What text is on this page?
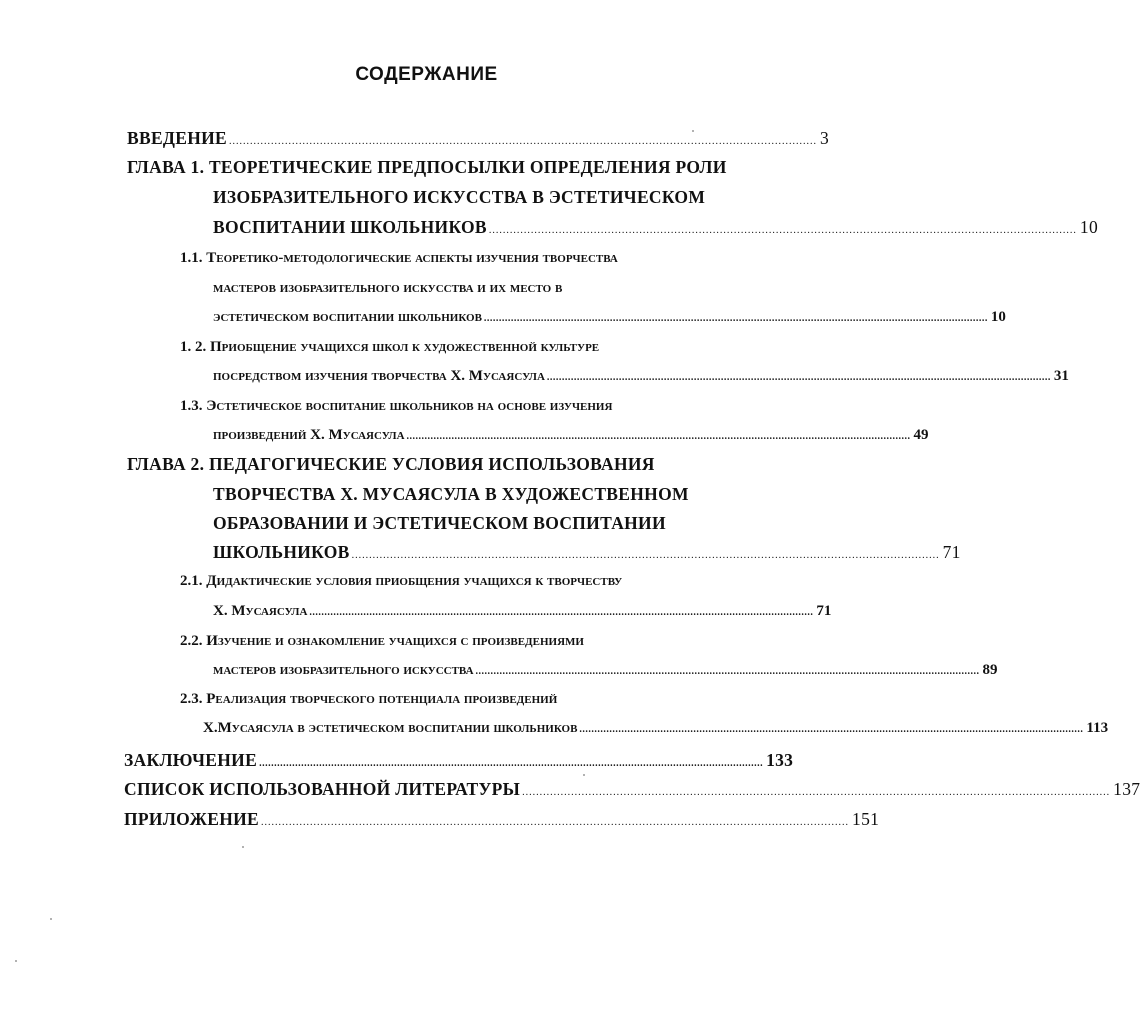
СОДЕРЖАНИЕ
ВВЕДЕНИЕ ........................................................................................................................................................................ 3
ГЛАВА 1. ТЕОРЕТИЧЕСКИЕ ПРЕДПОСЫЛКИ ОПРЕДЕЛЕНИЯ РОЛИ
ИЗОБРАЗИТЕЛЬНОГО ИСКУССТВА В ЭСТЕТИЧЕСКОМ
ВОСПИТАНИИ ШКОЛЬНИКОВ ........................................................................................................................................................................ 10
1.1. Теоретико-методологические аспекты изучения творчества
мастеров изобразительного искусства и их место в
эстетическом воспитании школьников ........................................................................................................................................................................ 10
1. 2. Приобщение учащихся школ к художественной культуре
посредством изучения творчества Х. Мусаясула ........................................................................................................................................................................ 31
1.3. Эстетическое воспитание школьников на основе изучения
произведений Х. Мусаясула ........................................................................................................................................................................ 49
ГЛАВА 2. ПЕДАГОГИЧЕСКИЕ УСЛОВИЯ ИСПОЛЬЗОВАНИЯ
ТВОРЧЕСТВА Х. МУСАЯСУЛА В ХУДОЖЕСТВЕННОМ
ОБРАЗОВАНИИ И ЭСТЕТИЧЕСКОМ ВОСПИТАНИИ
ШКОЛЬНИКОВ ........................................................................................................................................................................ 71
2.1. Дидактические условия приобщения учащихся к творчеству
Х. Мусаясула ........................................................................................................................................................................ 71
2.2. Изучение и ознакомление учащихся с произведениями
мастеров изобразительного искусства ........................................................................................................................................................................ 89
2.3. Реализация творческого потенциала произведений
Х.Мусаясула в эстетическом воспитании школьников ........................................................................................................................................................................ 113
ЗАКЛЮЧЕНИЕ ........................................................................................................................................................................ 133
СПИСОК ИСПОЛЬЗОВАННОЙ ЛИТЕРАТУРЫ ........................................................................................................................................................................ 137
ПРИЛОЖЕНИЕ ........................................................................................................................................................................ 151
